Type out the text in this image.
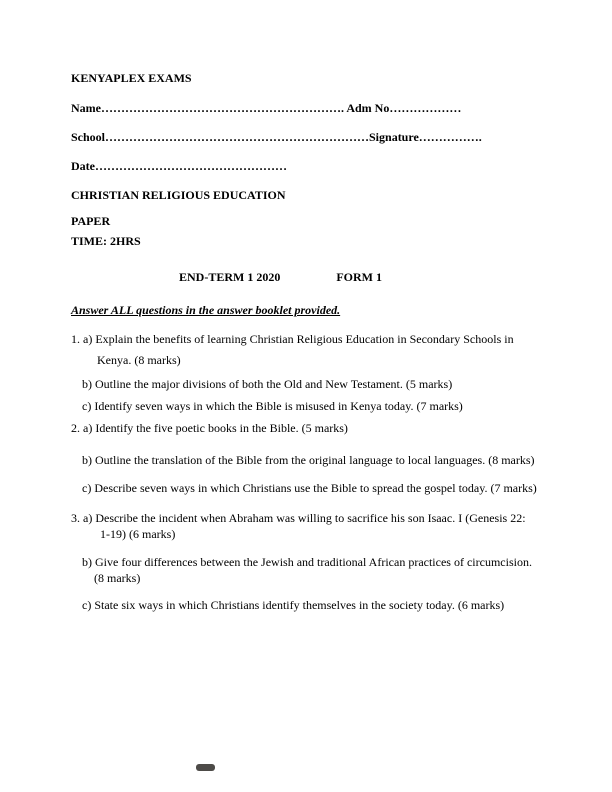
KENYAPLEX EXAMS

Name……………………………………………………. Adm No………………

School…………………………………………………………Signature…………….

Date…………………………………………

CHRISTIAN RELIGIOUS EDUCATION

PAPER

TIME: 2HRS

END-TERM 1 2020	FORM 1

Answer ALL questions in the answer booklet provided.

1. a) Explain the benefits of learning Christian Religious Education in Secondary Schools in

Kenya. (8 marks)

b) Outline the major divisions of both the Old and New Testament. (5 marks)

c) Identify seven ways in which the Bible is misused in Kenya today. (7 marks)

2. a) Identify the five poetic books in the Bible. (5 marks)

b) Outline the translation of the Bible from the original language to local languages. (8 marks)

c) Describe seven ways in which Christians use the Bible to spread the gospel today. (7 marks)

3. a) Describe the incident when Abraham was willing to sacrifice his son Isaac. I (Genesis 22:

1-19) (6 marks)

b) Give four differences between the Jewish and traditional African practices of circumcision.

(8 marks)

c) State six ways in which Christians identify themselves in the society today. (6 marks)
